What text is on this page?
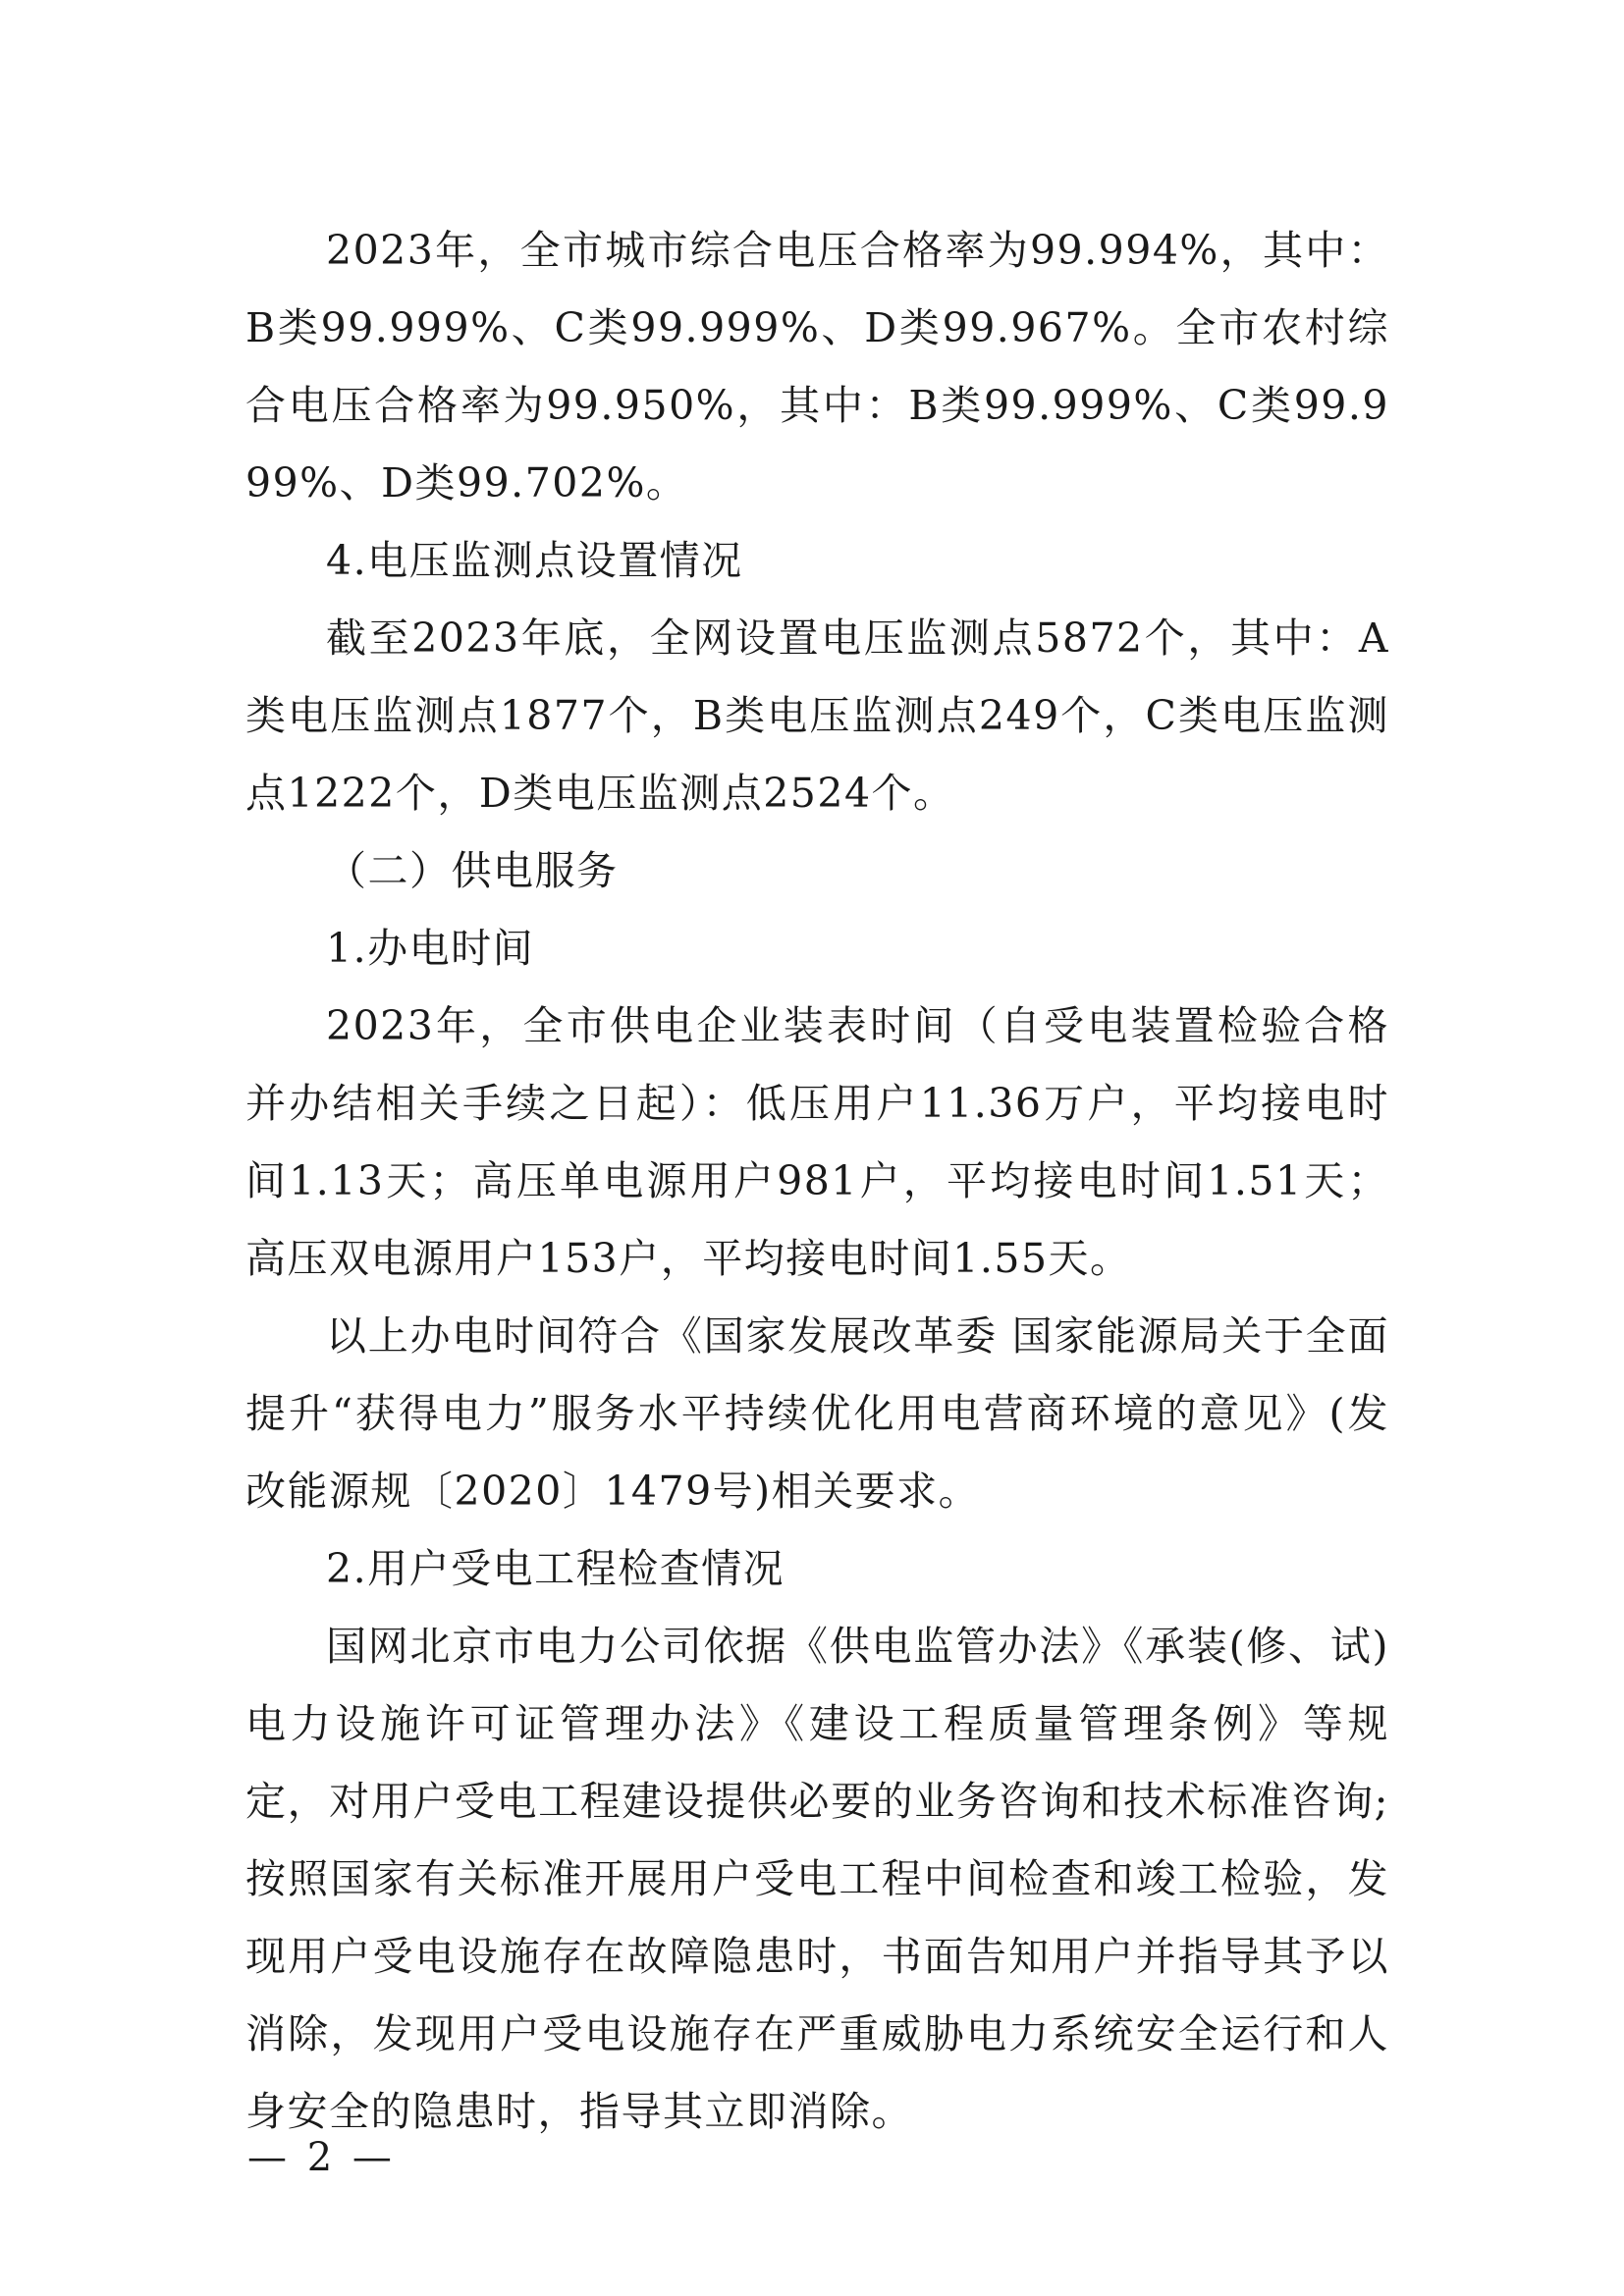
2023年，全市城市综合电压合格率为99.994%，其中：B类99.999%、C类99.999%、D类99.967%。全市农村综合电压合格率为99.950%，其中：B类99.999%、C类99.999%、D类99.702%。

4.电压监测点设置情况

截至2023年底，全网设置电压监测点5872个，其中：A类电压监测点1877个，B类电压监测点249个，C类电压监测点1222个，D类电压监测点2524个。

（二）供电服务

1.办电时间

2023年，全市供电企业装表时间（自受电装置检验合格并办结相关手续之日起）：低压用户11.36万户，平均接电时间1.13天；高压单电源用户981户，平均接电时间1.51天；高压双电源用户153户，平均接电时间1.55天。

以上办电时间符合《国家发展改革委 国家能源局关于全面提升“获得电力”服务水平持续优化用电营商环境的意见》(发改能源规〔2020〕1479号)相关要求。

2.用户受电工程检查情况

国网北京市电力公司依据《供电监管办法》《承装(修、试)电力设施许可证管理办法》《建设工程质量管理条例》等规定，对用户受电工程建设提供必要的业务咨询和技术标准咨询;按照国家有关标准开展用户受电工程中间检查和竣工检验，发现用户受电设施存在故障隐患时，书面告知用户并指导其予以消除，发现用户受电设施存在严重威胁电力系统安全运行和人身安全的隐患时，指导其立即消除。

— 2 —
